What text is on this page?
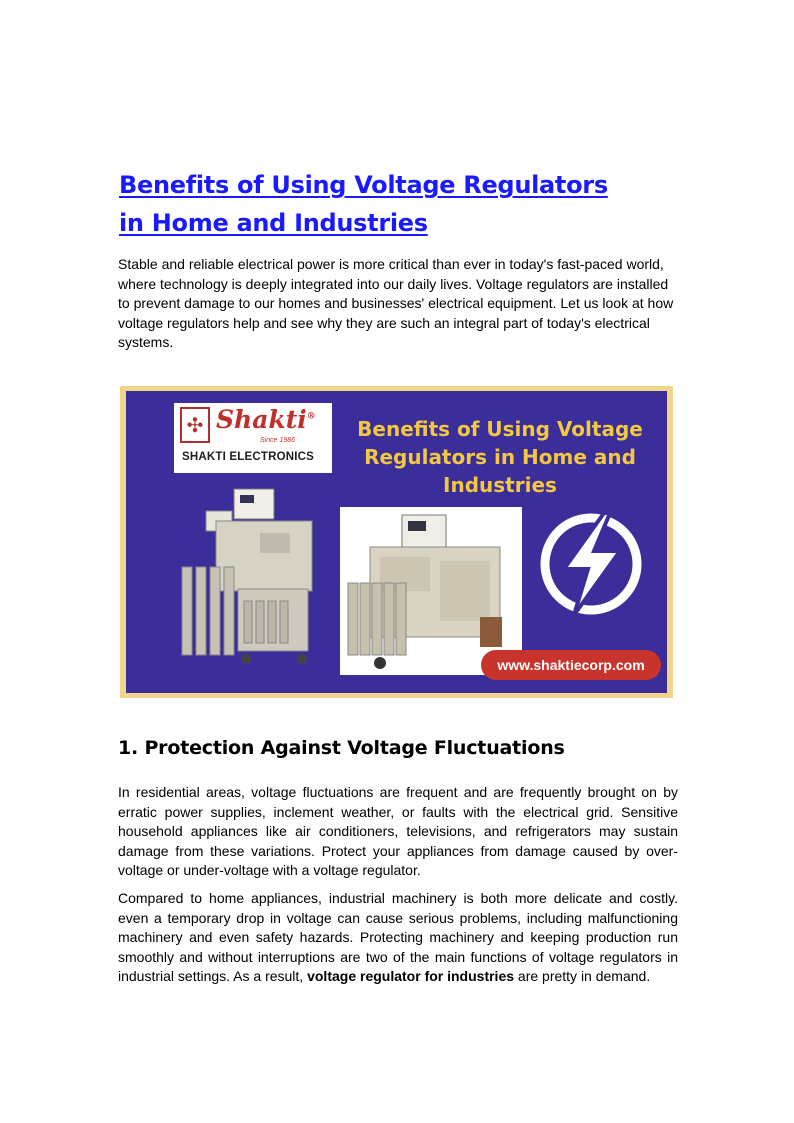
Benefits of Using Voltage Regulators in Home and Industries

Stable and reliable electrical power is more critical than ever in today's fast-paced world, where technology is deeply integrated into our daily lives. Voltage regulators are installed to prevent damage to our homes and businesses' electrical equipment. Let us look at how voltage regulators help and see why they are such an integral part of today's electrical systems.

✣ Shakti®
Since 1986
SHAKTI ELECTRONICS
Benefits of Using Voltage Regulators in Home and Industries
www.shaktiecorp.com
1. Protection Against Voltage Fluctuations

In residential areas, voltage fluctuations are frequent and are frequently brought on by erratic power supplies, inclement weather, or faults with the electrical grid. Sensitive household appliances like air conditioners, televisions, and refrigerators may sustain damage from these variations. Protect your appliances from damage caused by over-voltage or under-voltage with a voltage regulator.

Compared to home appliances, industrial machinery is both more delicate and costly. even a temporary drop in voltage can cause serious problems, including malfunctioning machinery and even safety hazards. Protecting machinery and keeping production run smoothly and without interruptions are two of the main functions of voltage regulators in industrial settings. As a result, voltage regulator for industries are pretty in demand.
